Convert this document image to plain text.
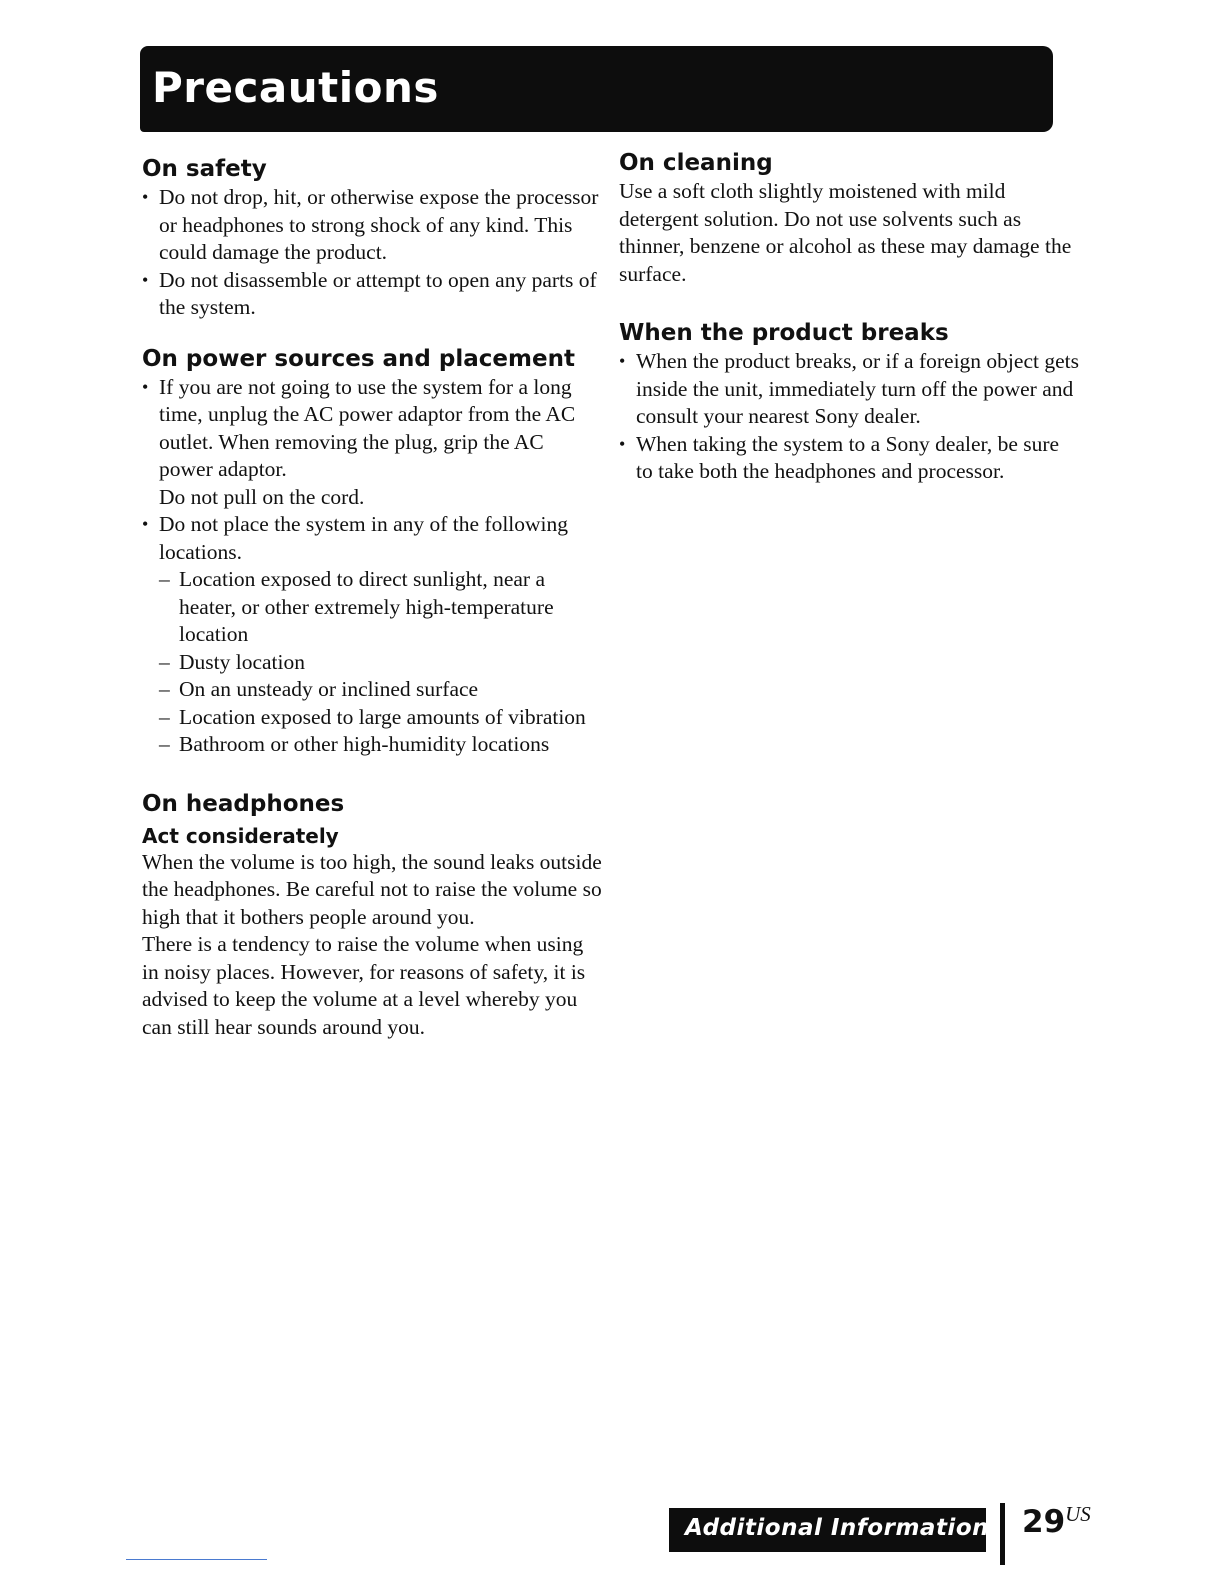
Precautions
On safety
• Do not drop, hit, or otherwise expose the processor or headphones to strong shock of any kind. This could damage the product.
• Do not disassemble or attempt to open any parts of the system.
On power sources and placement
• If you are not going to use the system for a long time, unplug the AC power adaptor from the AC outlet. When removing the plug, grip the AC power adaptor.
Do not pull on the cord.
• Do not place the system in any of the following locations.
– Location exposed to direct sunlight, near a heater, or other extremely high-temperature location
– Dusty location
– On an unsteady or inclined surface
– Location exposed to large amounts of vibration
– Bathroom or other high-humidity locations
On headphones
Act considerately

When the volume is too high, the sound leaks outside the headphones. Be careful not to raise the volume so high that it bothers people around you.

There is a tendency to raise the volume when using in noisy places. However, for reasons of safety, it is advised to keep the volume at a level whereby you can still hear sounds around you.

On cleaning

Use a soft cloth slightly moistened with mild detergent solution. Do not use solvents such as thinner, benzene or alcohol as these may damage the surface.

When the product breaks
• When the product breaks, or if a foreign object gets inside the unit, immediately turn off the power and consult your nearest Sony dealer.
• When taking the system to a Sony dealer, be sure to take both the headphones and processor.
Additional Information $29^{US}$
